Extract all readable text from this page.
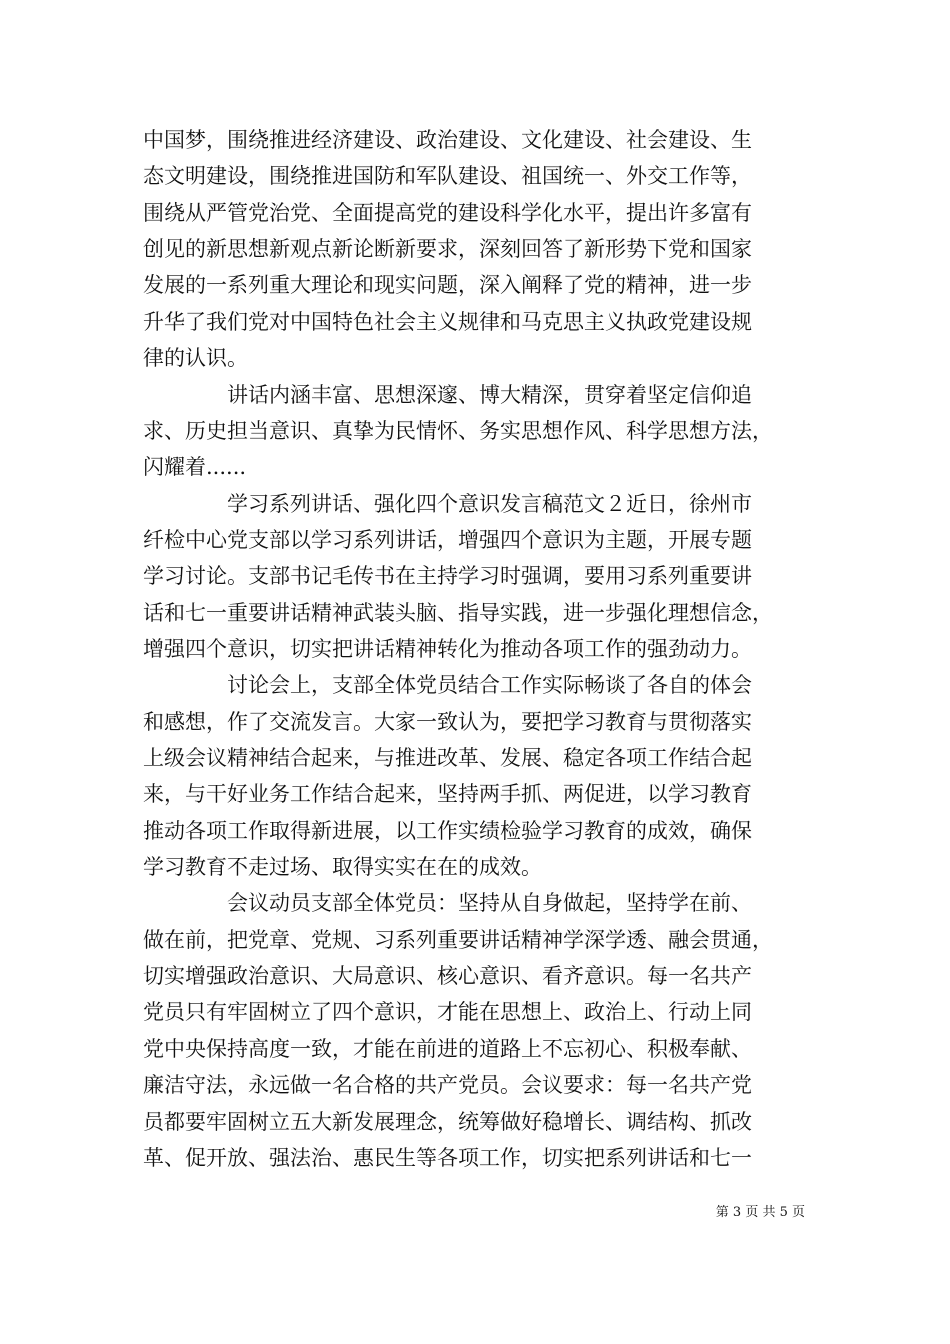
中国梦，围绕推进经济建设、政治建设、文化建设、社会建设、生
态文明建设，围绕推进国防和军队建设、祖国统一、外交工作等，
围绕从严管党治党、全面提高党的建设科学化水平，提出许多富有
创见的新思想新观点新论断新要求，深刻回答了新形势下党和国家
发展的一系列重大理论和现实问题，深入阐释了党的精神，进一步
升华了我们党对中国特色社会主义规律和马克思主义执政党建设规
律的认识。
　　　　讲话内涵丰富、思想深邃、博大精深，贯穿着坚定信仰追
求、历史担当意识、真挚为民情怀、务实思想作风、科学思想方法，
闪耀着......
　　　　学习系列讲话、强化四个意识发言稿范文２近日，徐州市
纤检中心党支部以学习系列讲话，增强四个意识为主题，开展专题
学习讨论。支部书记毛传书在主持学习时强调，要用习系列重要讲
话和七一重要讲话精神武装头脑、指导实践，进一步强化理想信念，
增强四个意识，切实把讲话精神转化为推动各项工作的强劲动力。
　　　　讨论会上，支部全体党员结合工作实际畅谈了各自的体会
和感想，作了交流发言。大家一致认为，要把学习教育与贯彻落实
上级会议精神结合起来，与推进改革、发展、稳定各项工作结合起
来，与干好业务工作结合起来，坚持两手抓、两促进，以学习教育
推动各项工作取得新进展，以工作实绩检验学习教育的成效，确保
学习教育不走过场、取得实实在在的成效。
　　　　会议动员支部全体党员：坚持从自身做起，坚持学在前、
做在前，把党章、党规、习系列重要讲话精神学深学透、融会贯通，
切实增强政治意识、大局意识、核心意识、看齐意识。每一名共产
党员只有牢固树立了四个意识，才能在思想上、政治上、行动上同
党中央保持高度一致，才能在前进的道路上不忘初心、积极奉献、
廉洁守法，永远做一名合格的共产党员。会议要求：每一名共产党
员都要牢固树立五大新发展理念，统筹做好稳增长、调结构、抓改
革、促开放、强法治、惠民生等各项工作，切实把系列讲话和七一
第 3 页 共 5 页
